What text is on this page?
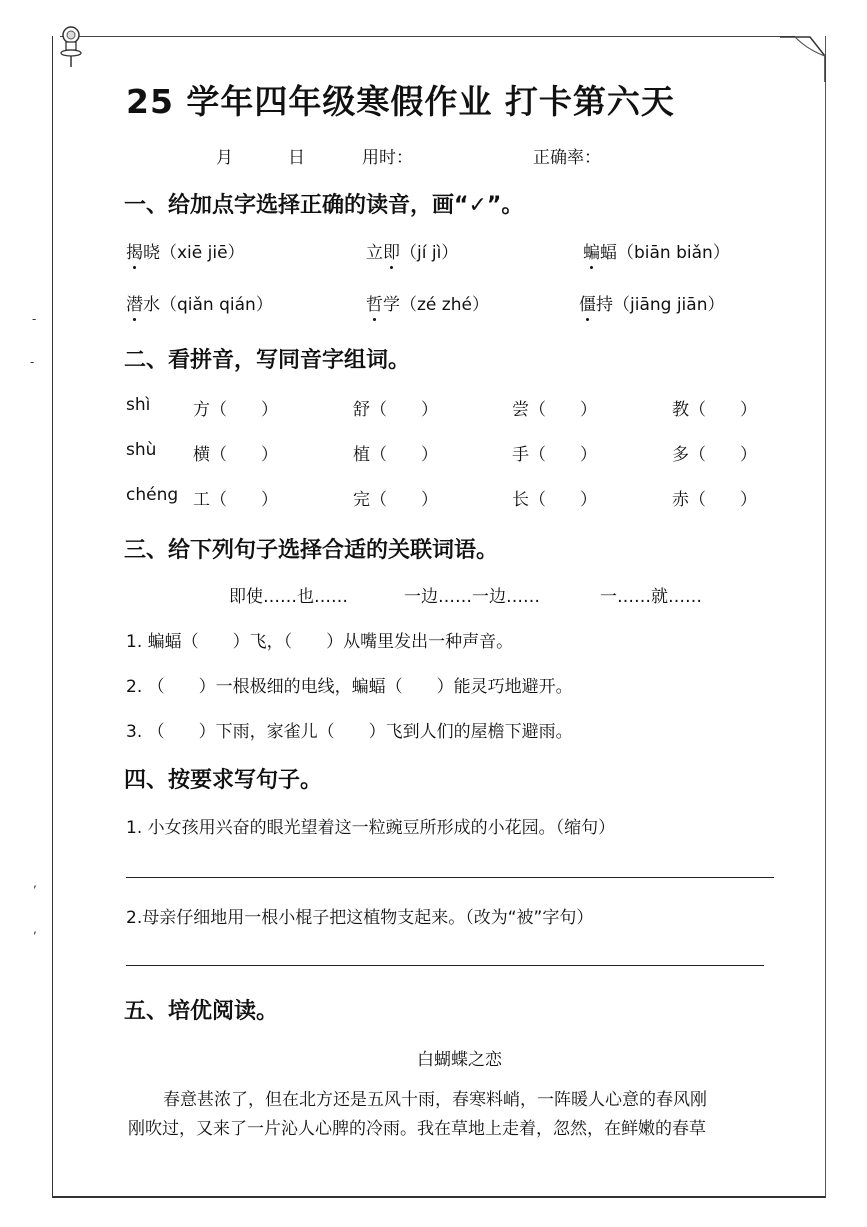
-
-
,
,
25 学年四年级寒假作业 打卡第六天
月	日	用时：	正确率：
一、给加点字选择正确的读音，画“✓”。
揭晓（xiē jiē）	立即（jí jì）	蝙蝠（biān biǎn）
潜水（qiǎn qián）	哲学（zé zhé）	僵持（jiāng jiān）
二、看拼音，写同音字组词。
shì	方（　　）	舒（　　）	尝（　　）	教（　　）
shù 横（　　）	植（　　）	手（　　）	多（　　）
chéng 工（　　）	完（　　）	长（　　）	赤（　　）
三、给下列句子选择合适的关联词语。
即使……也……	一边……一边……	一……就……
1. 蝙蝠（　　）飞，（　　）从嘴里发出一种声音。
2. （　　）一根极细的电线，蝙蝠（　　）能灵巧地避开。
3. （　　）下雨，家雀儿（　　）飞到人们的屋檐下避雨。
四、按要求写句子。
1. 小女孩用兴奋的眼光望着这一粒豌豆所形成的小花园。（缩句）
2.母亲仔细地用一根小棍子把这植物支起来。（改为“被”字句）
五、培优阅读。
白蝴蝶之恋
春意甚浓了，但在北方还是五风十雨，春寒料峭，一阵暖人心意的春风刚
刚吹过，又来了一片沁人心脾的冷雨。我在草地上走着，忽然，在鲜嫩的春草
